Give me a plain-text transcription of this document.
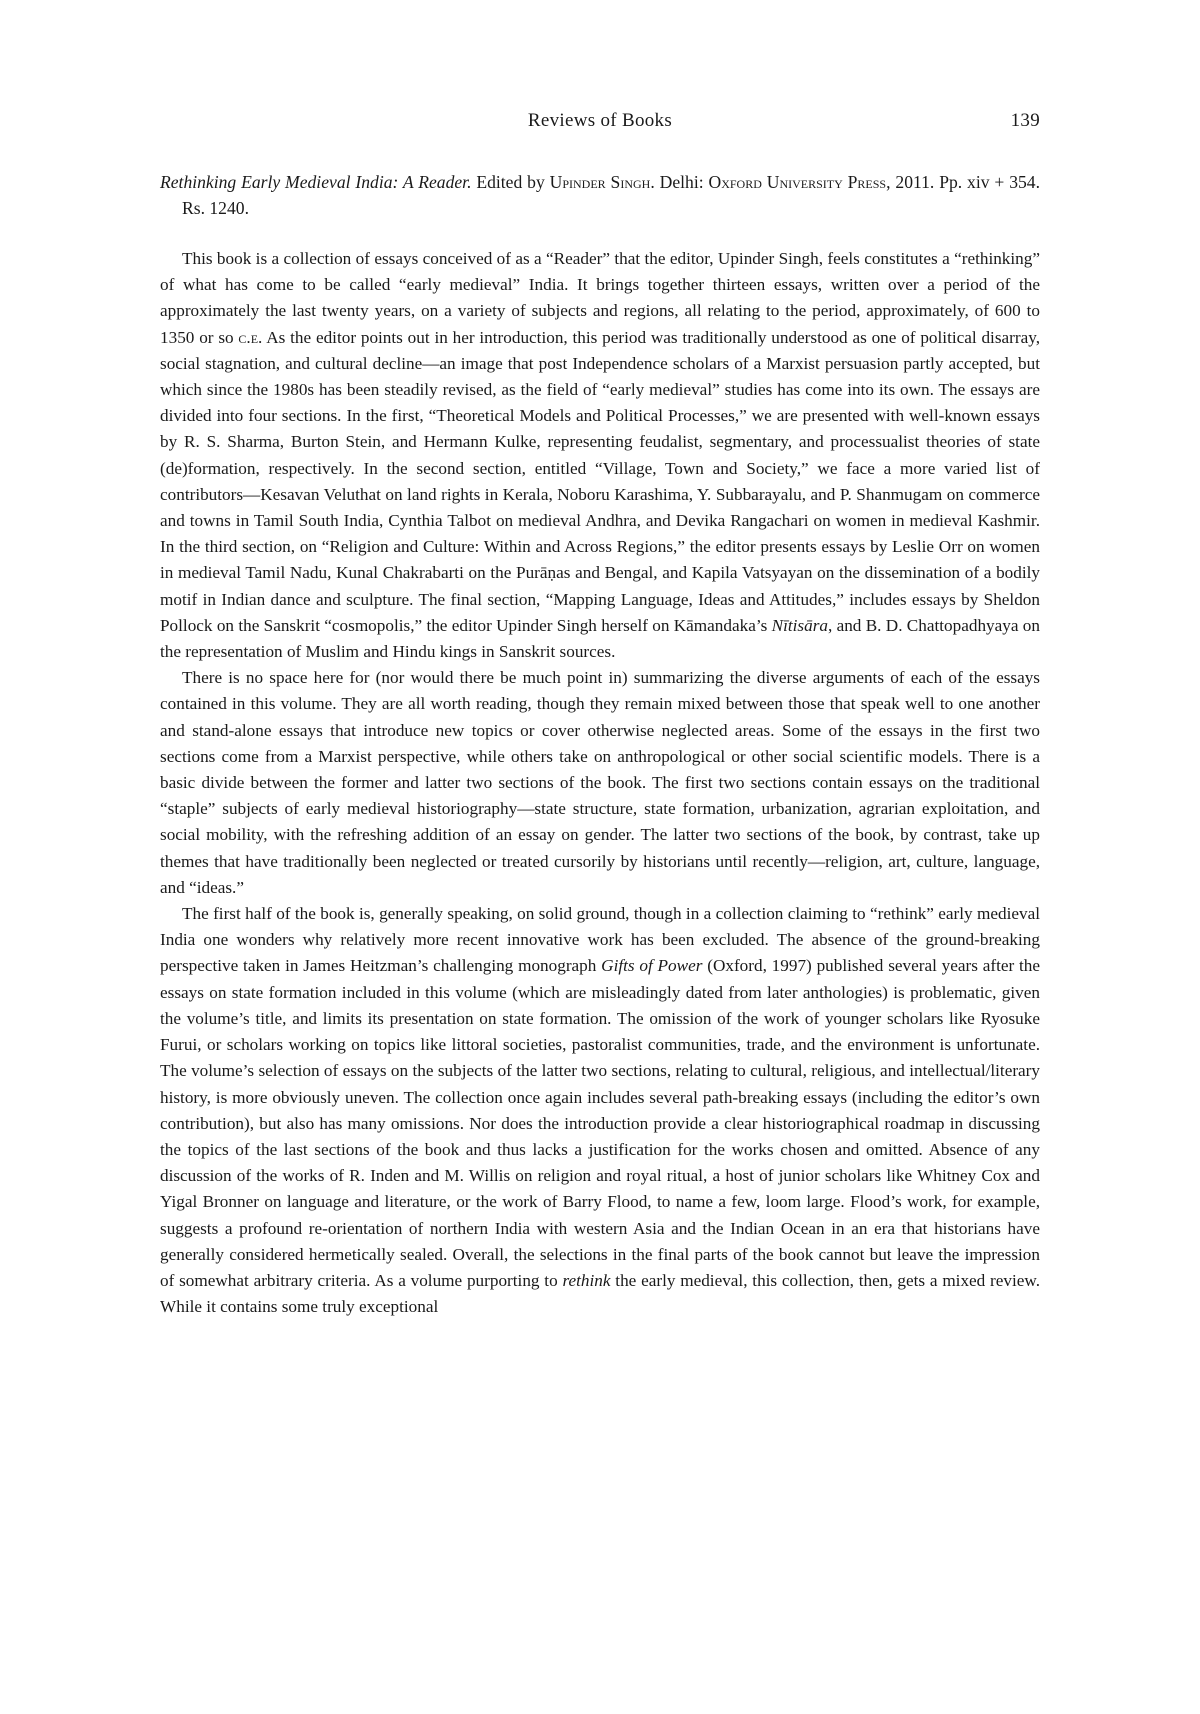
Reviews of Books	139
Rethinking Early Medieval India: A Reader. Edited by Upinder Singh. Delhi: Oxford University Press, 2011. Pp. xiv + 354. Rs. 1240.

This book is a collection of essays conceived of as a “Reader” that the editor, Upinder Singh, feels constitutes a “rethinking” of what has come to be called “early medieval” India. It brings together thirteen essays, written over a period of the approximately the last twenty years, on a variety of subjects and regions, all relating to the period, approximately, of 600 to 1350 or so c.e. As the editor points out in her introduction, this period was traditionally understood as one of political disarray, social stagnation, and cultural decline—an image that post Independence scholars of a Marxist persuasion partly accepted, but which since the 1980s has been steadily revised, as the field of “early medieval” studies has come into its own. The essays are divided into four sections. In the first, “Theoretical Models and Political Processes,” we are presented with well-known essays by R. S. Sharma, Burton Stein, and Hermann Kulke, representing feudalist, segmentary, and processualist theories of state (de)formation, respectively. In the second section, entitled “Village, Town and Society,” we face a more varied list of contributors—Kesavan Veluthat on land rights in Kerala, Noboru Karashima, Y. Subbarayalu, and P. Shanmugam on commerce and towns in Tamil South India, Cynthia Talbot on medieval Andhra, and Devika Rangachari on women in medieval Kashmir. In the third section, on “Religion and Culture: Within and Across Regions,” the editor presents essays by Leslie Orr on women in medieval Tamil Nadu, Kunal Chakrabarti on the Purāṇas and Bengal, and Kapila Vatsyayan on the dissemination of a bodily motif in Indian dance and sculpture. The final section, “Mapping Language, Ideas and Attitudes,” includes essays by Sheldon Pollock on the Sanskrit “cosmopolis,” the editor Upinder Singh herself on Kāmandaka’s Nītisāra, and B. D. Chattopadhyaya on the representation of Muslim and Hindu kings in Sanskrit sources.

There is no space here for (nor would there be much point in) summarizing the diverse arguments of each of the essays contained in this volume. They are all worth reading, though they remain mixed between those that speak well to one another and stand-alone essays that introduce new topics or cover otherwise neglected areas. Some of the essays in the first two sections come from a Marxist perspective, while others take on anthropological or other social scientific models. There is a basic divide between the former and latter two sections of the book. The first two sections contain essays on the traditional “staple” subjects of early medieval historiography—state structure, state formation, urbanization, agrarian exploitation, and social mobility, with the refreshing addition of an essay on gender. The latter two sections of the book, by contrast, take up themes that have traditionally been neglected or treated cursorily by historians until recently—religion, art, culture, language, and “ideas.”

The first half of the book is, generally speaking, on solid ground, though in a collection claiming to “rethink” early medieval India one wonders why relatively more recent innovative work has been excluded. The absence of the ground-breaking perspective taken in James Heitzman’s challenging monograph Gifts of Power (Oxford, 1997) published several years after the essays on state formation included in this volume (which are misleadingly dated from later anthologies) is problematic, given the volume’s title, and limits its presentation on state formation. The omission of the work of younger scholars like Ryosuke Furui, or scholars working on topics like littoral societies, pastoralist communities, trade, and the environment is unfortunate. The volume’s selection of essays on the subjects of the latter two sections, relating to cultural, religious, and intellectual/literary history, is more obviously uneven. The collection once again includes several path-breaking essays (including the editor’s own contribution), but also has many omissions. Nor does the introduction provide a clear historiographical roadmap in discussing the topics of the last sections of the book and thus lacks a justification for the works chosen and omitted. Absence of any discussion of the works of R. Inden and M. Willis on religion and royal ritual, a host of junior scholars like Whitney Cox and Yigal Bronner on language and literature, or the work of Barry Flood, to name a few, loom large. Flood’s work, for example, suggests a profound re-orientation of northern India with western Asia and the Indian Ocean in an era that historians have generally considered hermetically sealed. Overall, the selections in the final parts of the book cannot but leave the impression of somewhat arbitrary criteria. As a volume purporting to rethink the early medieval, this collection, then, gets a mixed review. While it contains some truly exceptional
